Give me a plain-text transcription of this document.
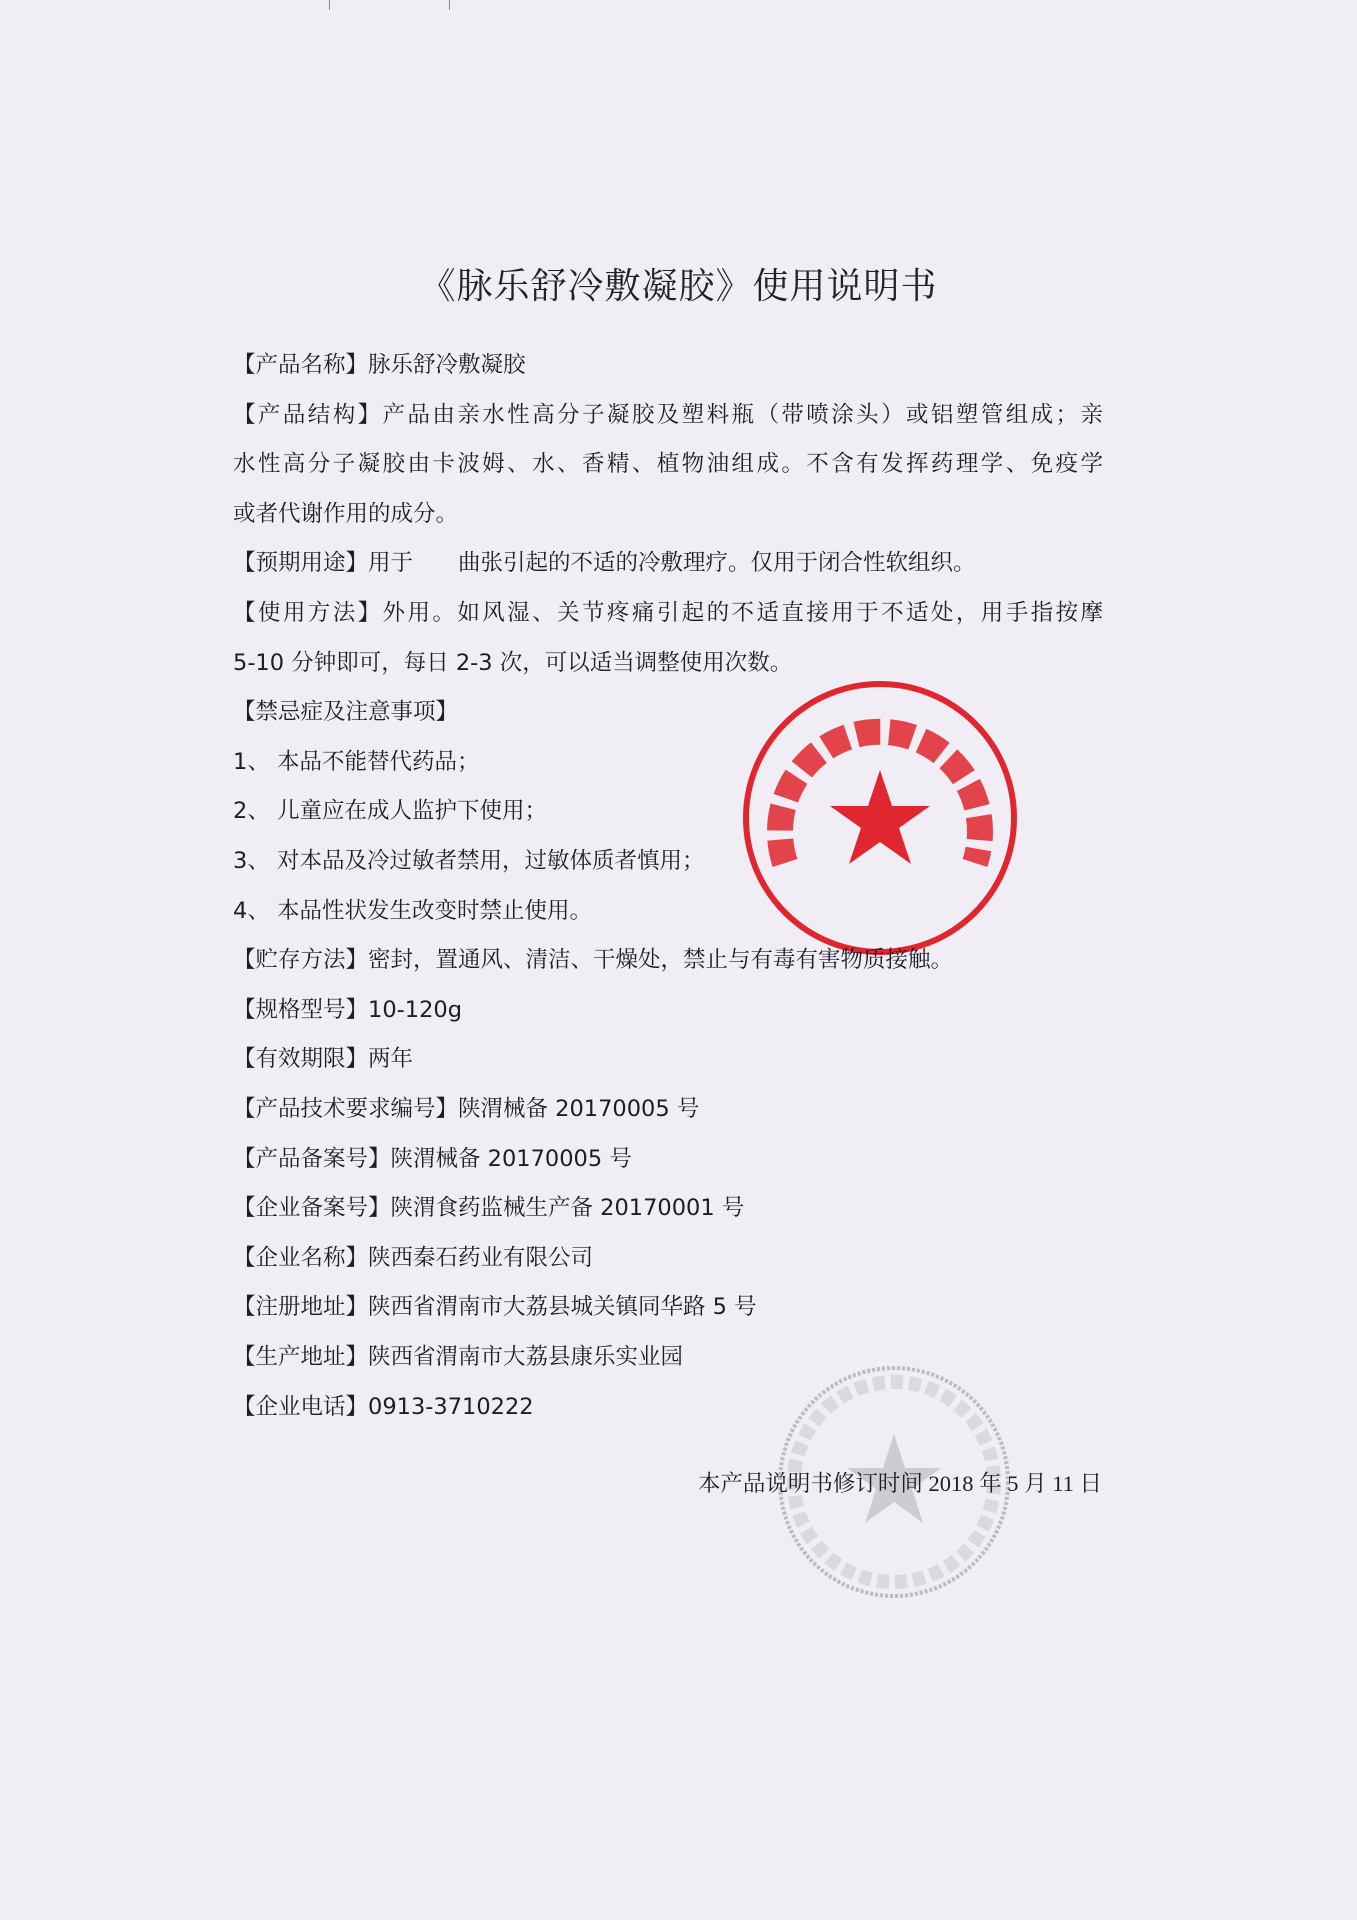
《脉乐舒冷敷凝胶》使用说明书
【产品名称】脉乐舒冷敷凝胶
【产品结构】产品由亲水性高分子凝胶及塑料瓶（带喷涂头）或铝塑管组成；亲
水性高分子凝胶由卡波姆、水、香精、植物油组成。不含有发挥药理学、免疫学
或者代谢作用的成分。
【预期用途】用于　　曲张引起的不适的冷敷理疗。仅用于闭合性软组织。
【使用方法】外用。如风湿、关节疼痛引起的不适直接用于不适处，用手指按摩
5-10 分钟即可，每日 2-3 次，可以适当调整使用次数。
【禁忌症及注意事项】
1、 本品不能替代药品；
2、 儿童应在成人监护下使用；
3、 对本品及冷过敏者禁用，过敏体质者慎用；
4、 本品性状发生改变时禁止使用。
【贮存方法】密封，置通风、清洁、干燥处，禁止与有毒有害物质接触。
【规格型号】10-120g
【有效期限】两年
【产品技术要求编号】陕渭械备 20170005 号
【产品备案号】陕渭械备 20170005 号
【企业备案号】陕渭食药监械生产备 20170001 号
【企业名称】陕西秦石药业有限公司
【注册地址】陕西省渭南市大荔县城关镇同华路 5 号
【生产地址】陕西省渭南市大荔县康乐实业园
【企业电话】0913-3710222
本产品说明书修订时间 2018 年 5 月 11 日
